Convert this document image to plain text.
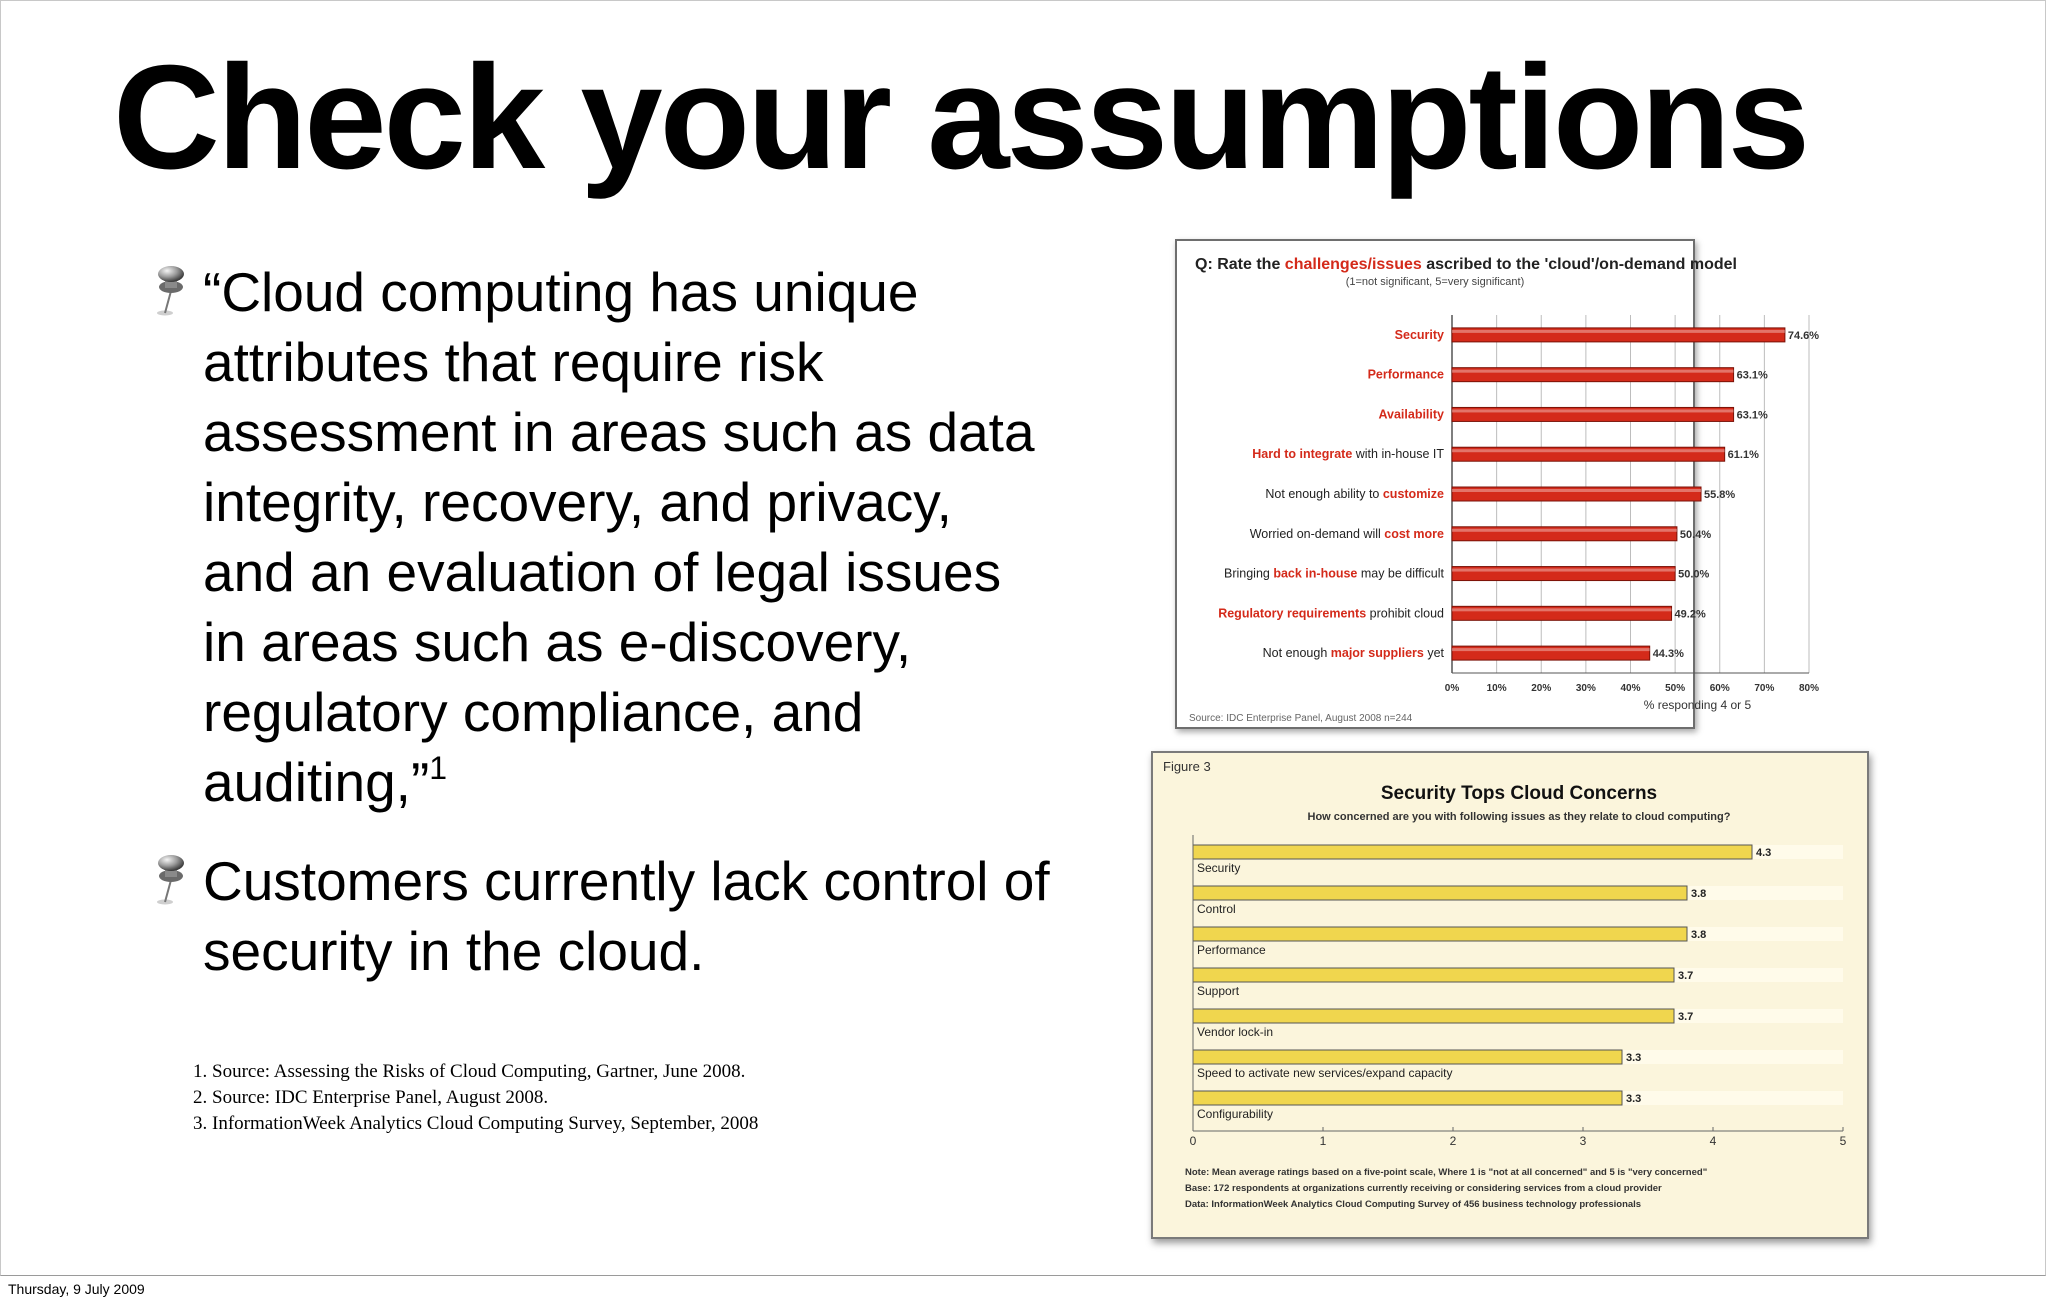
Check your assumptions
“Cloud computing has unique attributes that require risk assessment in areas such as data integrity, recovery, and privacy, and an evaluation of legal issues in areas such as e-discovery, regulatory compliance, and auditing,”$^1$
Customers currently lack control of security in the cloud.
1. Source: Assessing the Risks of Cloud Computing, Gartner, June 2008.
2. Source: IDC Enterprise Panel, August 2008.
3. InformationWeek Analytics Cloud Computing Survey, September, 2008
Q: Rate the challenges/issues ascribed to the 'cloud'/on-demand model
(1=not significant, 5=very significant)
0%	10% 20% 30% 40% 50% 60% 70% 80%
% responding 4 or 5
Source: IDC Enterprise Panel, August 2008 n=244
74.6%
Security
63.1%
Performance
63.1%
Availability
61.1%
Hard to integrate with in-house IT
55.8%
Not enough ability to customize
50.4%
Worried on-demand will cost more
50.0%
Bringing back in-house may be difficult
49.2%
Regulatory requirements prohibit cloud
44.3%
Not enough major suppliers yet
Figure 3
Security Tops Cloud Concerns
How concerned are you with following issues as they relate to cloud computing?
4.3
Security
3.8
Control
3.8
Performance
3.7
Support
3.7
Vendor lock-in
3.3
Speed to activate new services/expand capacity
3.3
Configurability
0	1	2	3	4	5
Note: Mean average ratings based on a five-point scale, Where 1 is "not at all concerned" and 5 is "very concerned"
Base: 172 respondents at organizations currently receiving or considering services from a cloud provider
Data: InformationWeek Analytics Cloud Computing Survey of 456 business technology professionals
Thursday, 9 July 2009
